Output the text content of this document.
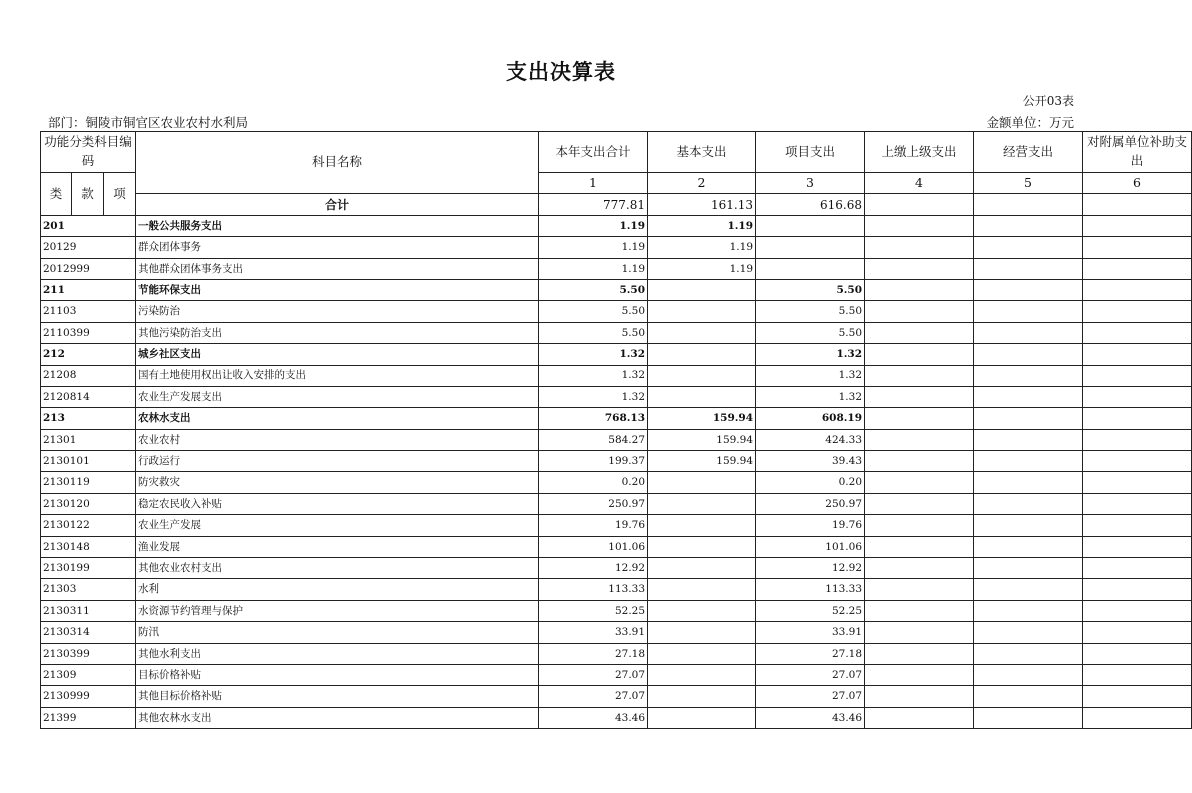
支出决算表
公开03表
部门：铜陵市铜官区农业农村水利局	金额单位：万元
功能分类科目编码			科目名称	本年支出合计	基本支出	项目支出	上缴上级支出	经营支出	对附属单位补助支出
类	款	项		1	2	3	4	5	6
			合计	777.81	161.13	616.68			
201			一般公共服务支出	1.19	1.19				
20129			群众团体事务	1.19	1.19				
2012999			其他群众团体事务支出	1.19	1.19				
211			节能环保支出	5.50		5.50			
21103			污染防治	5.50		5.50			
2110399			其他污染防治支出	5.50		5.50			
212			城乡社区支出	1.32		1.32			
21208			国有土地使用权出让收入安排的支出	1.32		1.32			
2120814			农业生产发展支出	1.32		1.32			
213			农林水支出	768.13	159.94	608.19			
21301			农业农村	584.27	159.94	424.33			
2130101			行政运行	199.37	159.94	39.43			
2130119			防灾救灾	0.20		0.20			
2130120			稳定农民收入补贴	250.97		250.97			
2130122			农业生产发展	19.76		19.76			
2130148			渔业发展	101.06		101.06			
2130199			其他农业农村支出	12.92		12.92			
21303			水利	113.33		113.33			
2130311			水资源节约管理与保护	52.25		52.25			
2130314			防汛	33.91		33.91			
2130399			其他水利支出	27.18		27.18			
21309			目标价格补贴	27.07		27.07			
2130999			其他目标价格补贴	27.07		27.07			
21399			其他农林水支出	43.46		43.46			
